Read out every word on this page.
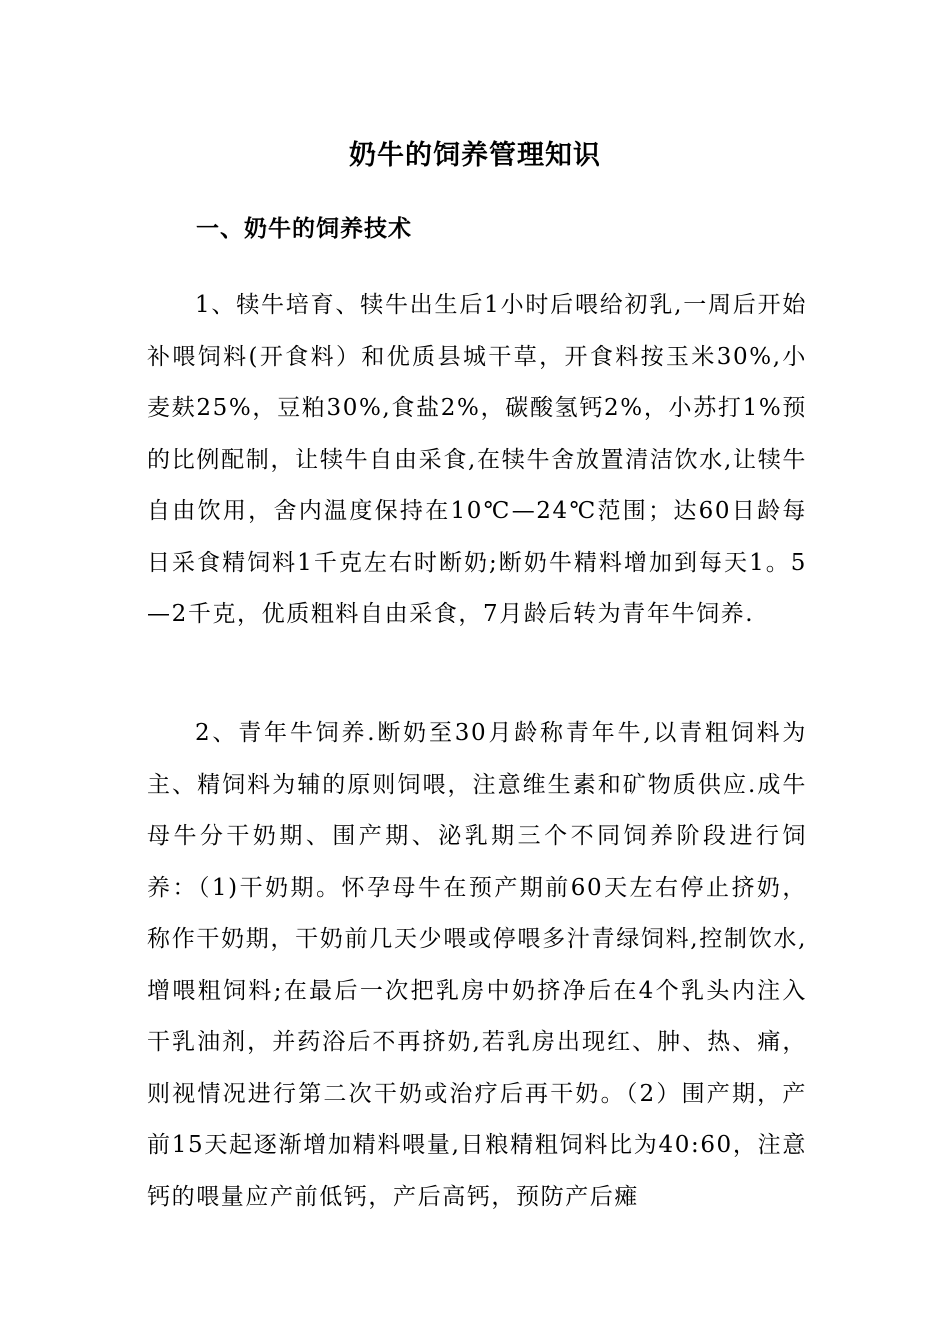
奶牛的饲养管理知识
一、奶牛的饲养技术

1、犊牛培育、犊牛出生后1小时后喂给初乳,一周后开始补喂饲料(开食料）和优质县城干草，开食料按玉米30%,小麦麸25%，豆粕30%,食盐2%，碳酸氢钙2%，小苏打1%预的比例配制，让犊牛自由采食,在犊牛舍放置清洁饮水,让犊牛自由饮用，舍内温度保持在10℃—24℃范围；达60日龄每日采食精饲料1千克左右时断奶;断奶牛精料增加到每天1。5—2千克，优质粗料自由采食，7月龄后转为青年牛饲养.

2、青年牛饲养.断奶至30月龄称青年牛,以青粗饲料为主、精饲料为辅的原则饲喂，注意维生素和矿物质供应.成牛母牛分干奶期、围产期、泌乳期三个不同饲养阶段进行饲养：（1)干奶期。怀孕母牛在预产期前60天左右停止挤奶，称作干奶期，干奶前几天少喂或停喂多汁青绿饲料,控制饮水,增喂粗饲料;在最后一次把乳房中奶挤净后在4个乳头内注入干乳油剂，并药浴后不再挤奶,若乳房出现红、肿、热、痛，则视情况进行第二次干奶或治疗后再干奶。（2）围产期，产前15天起逐渐增加精料喂量,日粮精粗饲料比为40:60，注意钙的喂量应产前低钙，产后高钙，预防产后瘫
